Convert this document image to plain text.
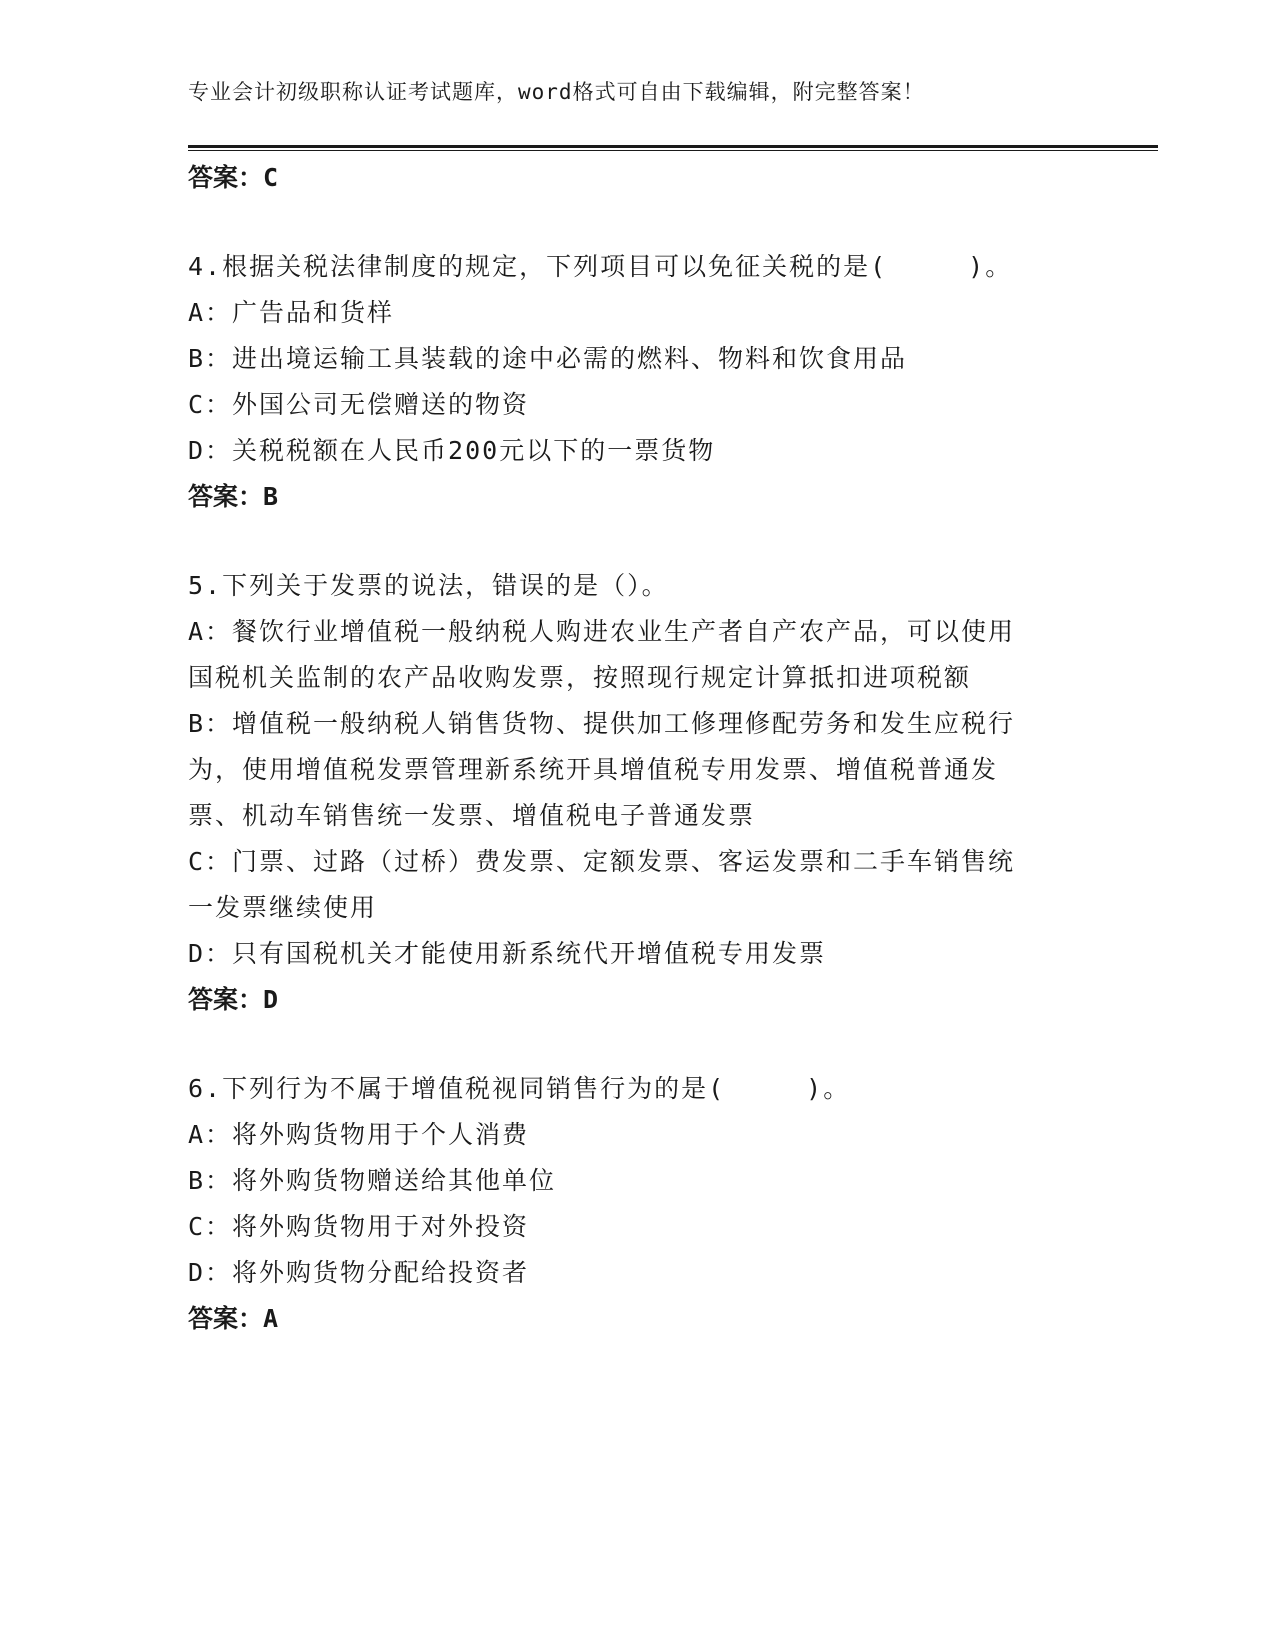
专业会计初级职称认证考试题库，word格式可自由下载编辑，附完整答案！
答案：C
4.根据关税法律制度的规定，下列项目可以免征关税的是(　　　)。
A：广告品和货样
B：进出境运输工具装载的途中必需的燃料、物料和饮食用品
C：外国公司无偿赠送的物资
D：关税税额在人民币200元以下的一票货物
答案：B
5.下列关于发票的说法，错误的是（）。
A：餐饮行业增值税一般纳税人购进农业生产者自产农产品，可以使用
国税机关监制的农产品收购发票，按照现行规定计算抵扣进项税额
B：增值税一般纳税人销售货物、提供加工修理修配劳务和发生应税行
为，使用增值税发票管理新系统开具增值税专用发票、增值税普通发
票、机动车销售统一发票、增值税电子普通发票
C：门票、过路（过桥）费发票、定额发票、客运发票和二手车销售统
一发票继续使用
D：只有国税机关才能使用新系统代开增值税专用发票
答案：D
6.下列行为不属于增值税视同销售行为的是(　　　)。
A：将外购货物用于个人消费
B：将外购货物赠送给其他单位
C：将外购货物用于对外投资
D：将外购货物分配给投资者
答案：A
